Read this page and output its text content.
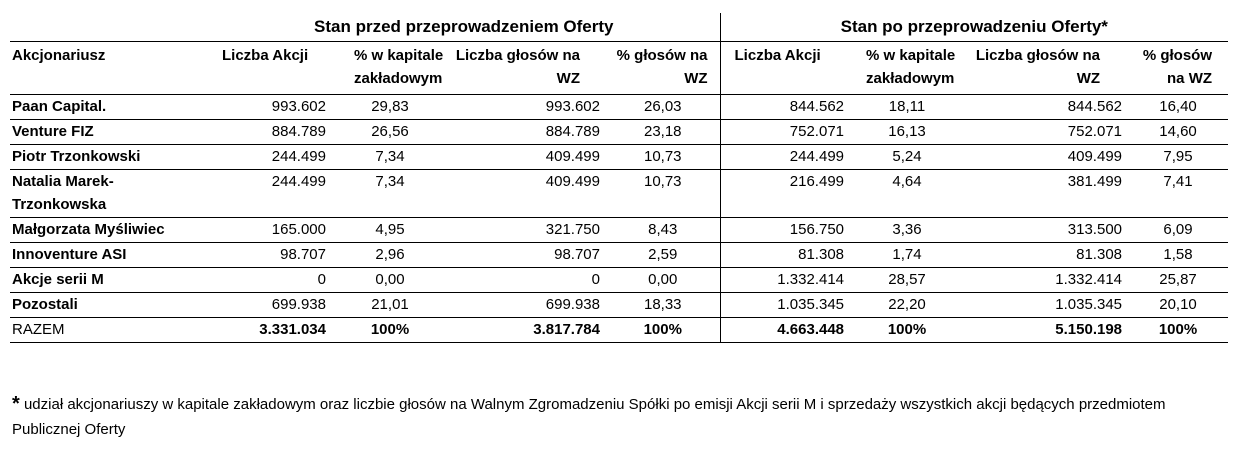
	Stan przed przeprowadzeniem Oferty				Stan po przeprowadzeniu Oferty*			
Akcjonariusz	Liczba Akcji	% w kapitale zakładowym	Liczba głosów na WZ	% głosów na WZ	Liczba Akcji	% w kapitale zakładowym	Liczba głosów na WZ	% głosów na WZ
Paan Capital.	993.602	29,83	993.602	26,03	844.562	18,11	844.562	16,40
Venture FIZ	884.789	26,56	884.789	23,18	752.071	16,13	752.071	14,60
Piotr Trzonkowski	244.499	7,34	409.499	10,73	244.499	5,24	409.499	7,95
Natalia Marek-Trzonkowska	244.499	7,34	409.499	10,73	216.499	4,64	381.499	7,41
Małgorzata Myśliwiec	165.000	4,95	321.750	8,43	156.750	3,36	313.500	6,09
Innoventure ASI	98.707	2,96	98.707	2,59	81.308	1,74	81.308	1,58
Akcje serii M	0	0,00	0	0,00	1.332.414	28,57	1.332.414	25,87
Pozostali	699.938	21,01	699.938	18,33	1.035.345	22,20	1.035.345	20,10
RAZEM	3.331.034	100%	3.817.784	100%	4.663.448	100%	5.150.198	100%
* udział akcjonariuszy w kapitale zakładowym oraz liczbie głosów na Walnym Zgromadzeniu Spółki po emisji Akcji serii M i sprzedaży wszystkich akcji będących przedmiotem Publicznej Oferty
